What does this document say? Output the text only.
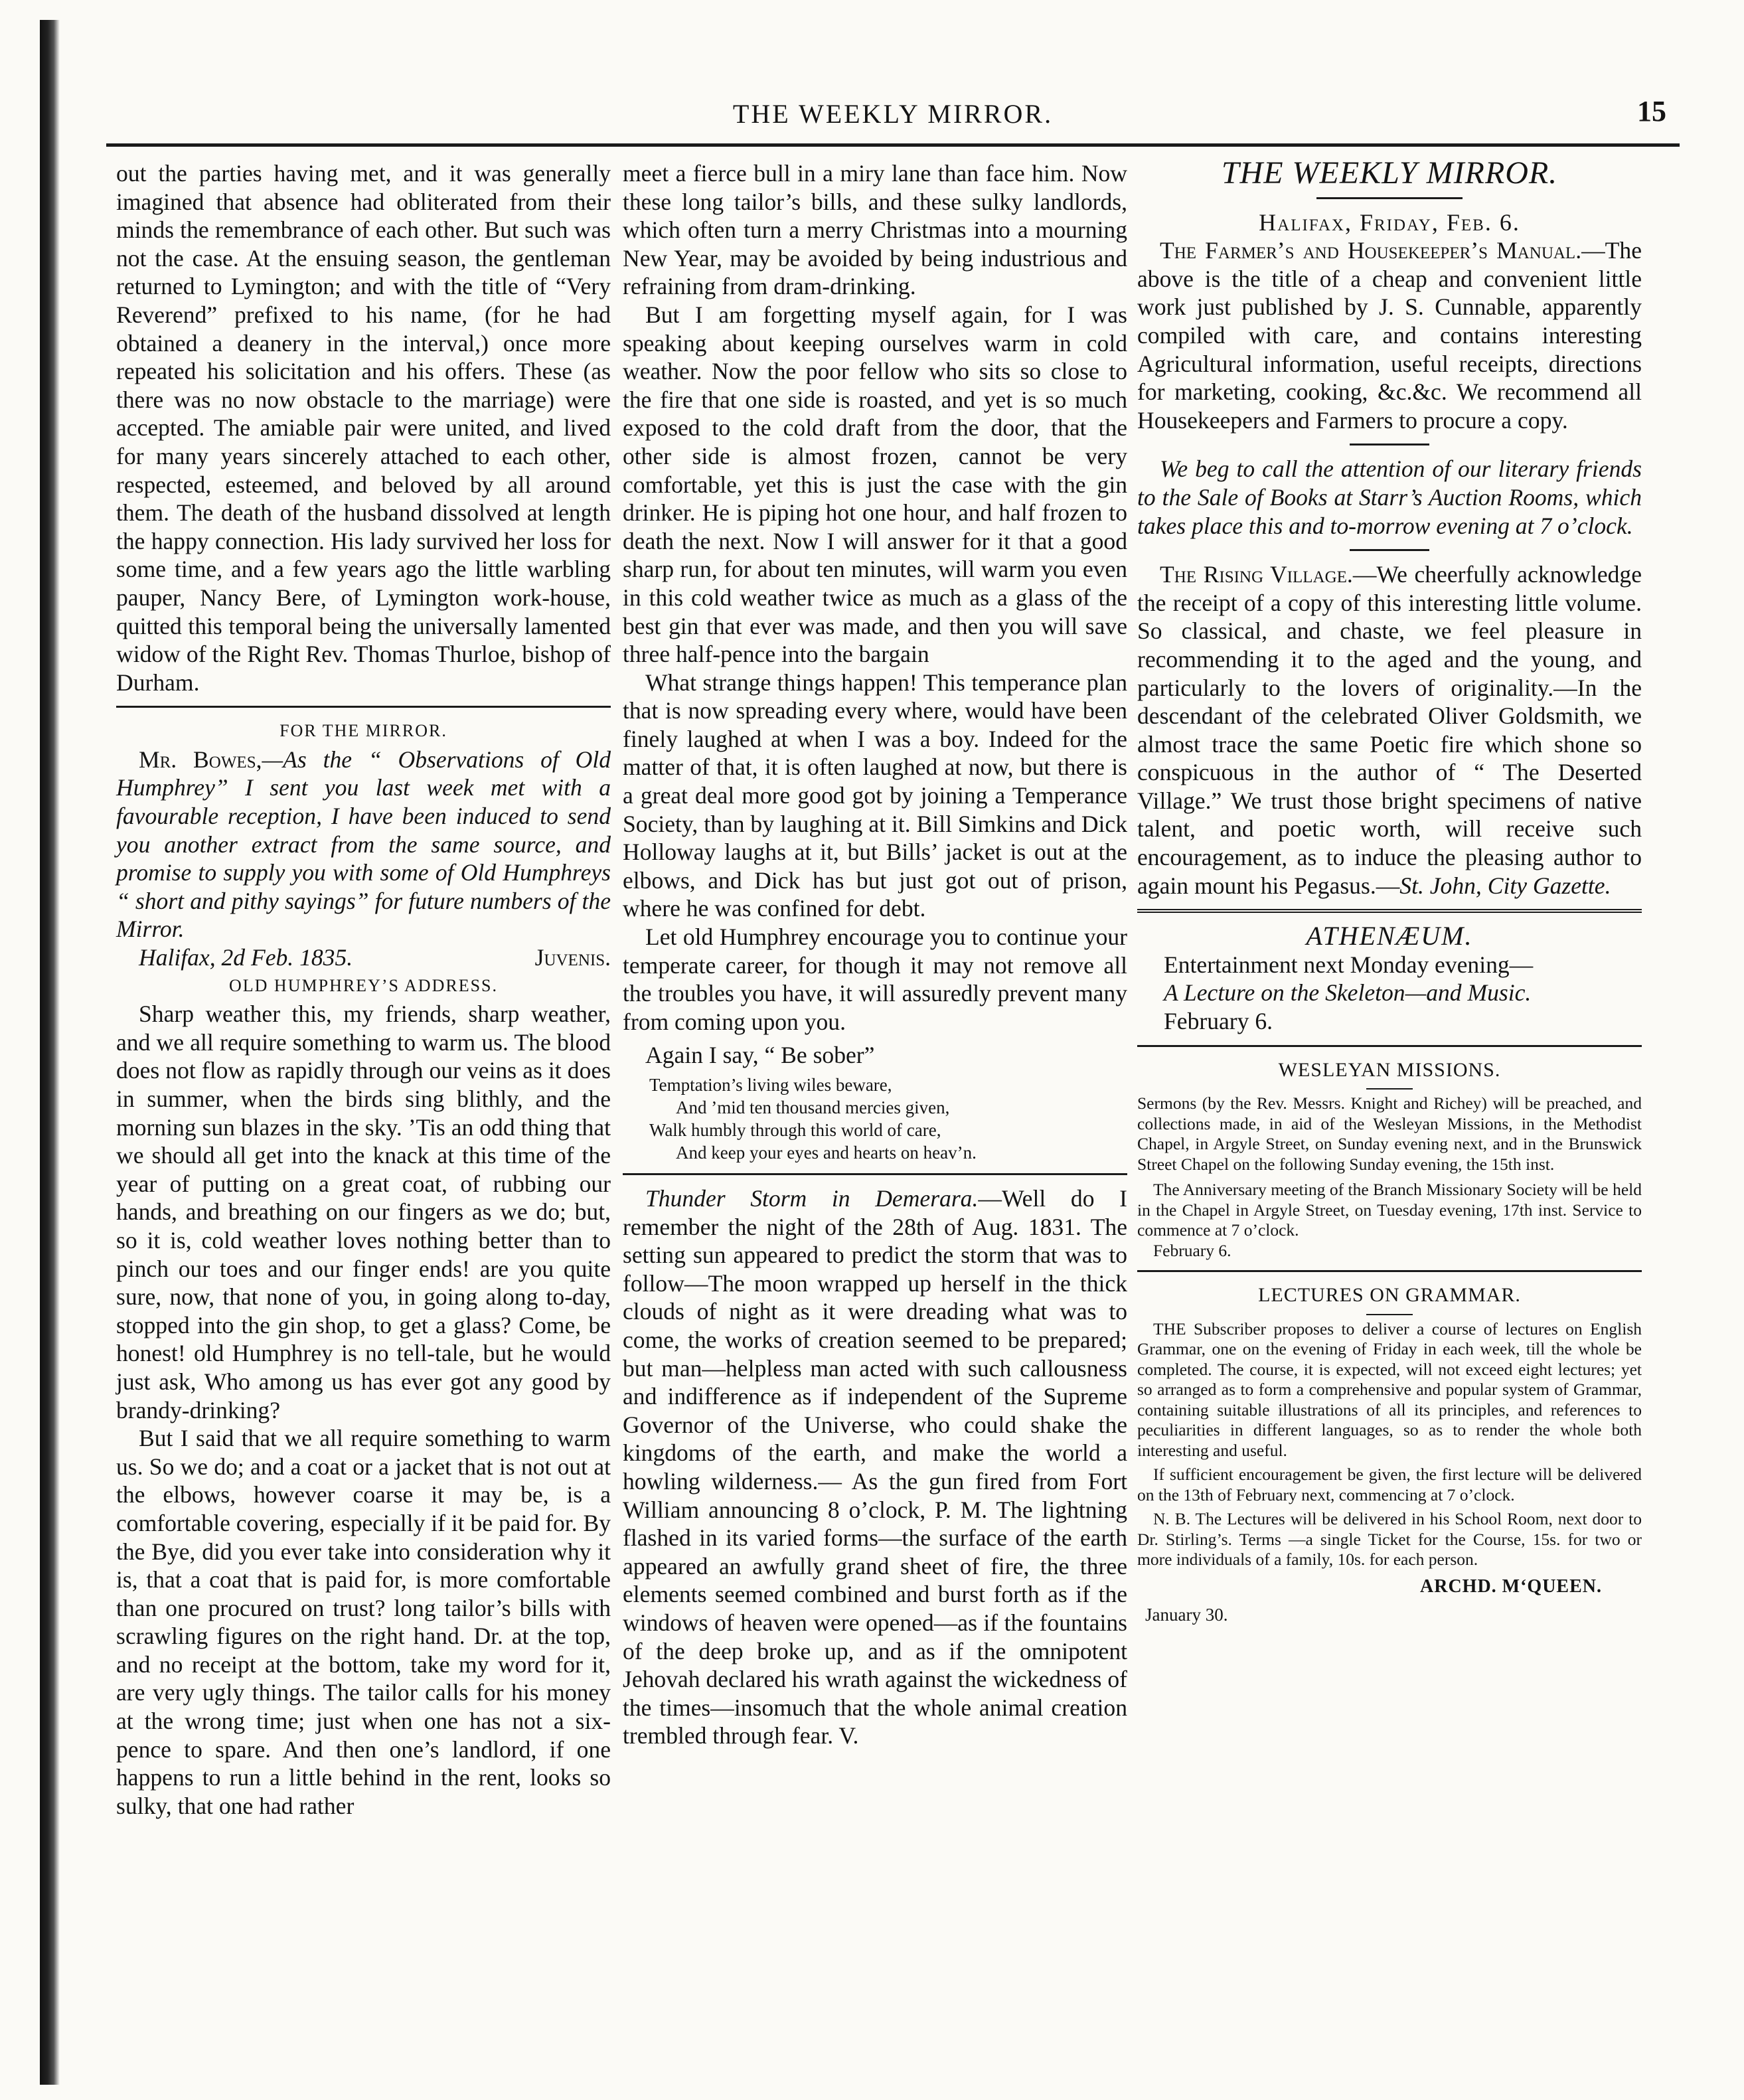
THE WEEKLY MIRROR.	15

out the parties having met, and it was generally imagined that absence had obliterated from their minds the remembrance of each other. But such was not the case. At the ensuing season, the gentleman returned to Lymington; and with the title of “Very Reverend” prefixed to his name, (for he had obtained a deanery in the interval,) once more repeated his solicitation and his offers. These (as there was no now obstacle to the marriage) were accepted. The amiable pair were united, and lived for many years sincerely attached to each other, respected, esteemed, and beloved by all around them. The death of the husband dissolved at length the happy connection. His lady survived her loss for some time, and a few years ago the little warbling pauper, Nancy Bere, of Lymington work-house, quitted this temporal being the universally lamented widow of the Right Rev. Thomas Thurloe, bishop of Durham.

FOR THE MIRROR.

Mr. Bowes,—As the “ Observations of Old Humphrey” I sent you last week met with a favourable reception, I have been induced to send you another extract from the same source, and promise to supply you with some of Old Humphreys “ short and pithy sayings” for future numbers of the Mirror.

Halifax, 2d Feb. 1835.	Juvenis.

OLD HUMPHREY’S ADDRESS.

Sharp weather this, my friends, sharp weather, and we all require something to warm us. The blood does not flow as rapidly through our veins as it does in summer, when the birds sing blithly, and the morning sun blazes in the sky. ’Tis an odd thing that we should all get into the knack at this time of the year of putting on a great coat, of rubbing our hands, and breathing on our fingers as we do; but, so it is, cold weather loves nothing better than to pinch our toes and our finger ends! are you quite sure, now, that none of you, in going along to-day, stopped into the gin shop, to get a glass? Come, be honest! old Humphrey is no tell-tale, but he would just ask, Who among us has ever got any good by brandy-drinking?

But I said that we all require something to warm us. So we do; and a coat or a jacket that is not out at the elbows, however coarse it may be, is a comfortable covering, especially if it be paid for. By the Bye, did you ever take into consideration why it is, that a coat that is paid for, is more comfortable than one procured on trust? long tailor’s bills with scrawling figures on the right hand. Dr. at the top, and no receipt at the bottom, take my word for it, are very ugly things. The tailor calls for his money at the wrong time; just when one has not a six-pence to spare. And then one’s landlord, if one happens to run a little behind in the rent, looks so sulky, that one had rather

meet a fierce bull in a miry lane than face him. Now these long tailor’s bills, and these sulky landlords, which often turn a merry Christmas into a mourning New Year, may be avoided by being industrious and refraining from dram-drinking.

But I am forgetting myself again, for I was speaking about keeping ourselves warm in cold weather. Now the poor fellow who sits so close to the fire that one side is roasted, and yet is so much exposed to the cold draft from the door, that the other side is almost frozen, cannot be very comfortable, yet this is just the case with the gin drinker. He is piping hot one hour, and half frozen to death the next. Now I will answer for it that a good sharp run, for about ten minutes, will warm you even in this cold weather twice as much as a glass of the best gin that ever was made, and then you will save three half-pence into the bargain

What strange things happen! This temperance plan that is now spreading every where, would have been finely laughed at when I was a boy. Indeed for the matter of that, it is often laughed at now, but there is a great deal more good got by joining a Temperance Society, than by laughing at it. Bill Simkins and Dick Holloway laughs at it, but Bills’ jacket is out at the elbows, and Dick has but just got out of prison, where he was confined for debt.

Let old Humphrey encourage you to continue your temperate career, for though it may not remove all the troubles you have, it will assuredly prevent many from coming upon you.

Again I say, “ Be sober”

Temptation’s living wiles beware,
And ’mid ten thousand mercies given,
Walk humbly through this world of care,
And keep your eyes and hearts on heav’n.

Thunder Storm in Demerara.—Well do I remember the night of the 28th of Aug. 1831. The setting sun appeared to predict the storm that was to follow—The moon wrapped up herself in the thick clouds of night as it were dreading what was to come, the works of creation seemed to be prepared; but man—helpless man acted with such callousness and indifference as if independent of the Supreme Governor of the Universe, who could shake the kingdoms of the earth, and make the world a howling wilderness.— As the gun fired from Fort William announcing 8 o’clock, P. M. The lightning flashed in its varied forms—the surface of the earth appeared an awfully grand sheet of fire, the three elements seemed combined and burst forth as if the windows of heaven were opened—as if the fountains of the deep broke up, and as if the omnipotent Jehovah declared his wrath against the wickedness of the times—insomuch that the whole animal creation trembled through fear. V.

THE WEEKLY MIRROR.
Halifax, Friday, Feb. 6.

The Farmer’s and Housekeeper’s Manual.—The above is the title of a cheap and convenient little work just published by J. S. Cunnable, apparently compiled with care, and contains interesting Agricultural information, useful receipts, directions for marketing, cooking, &c.&c. We recommend all Housekeepers and Farmers to procure a copy.

We beg to call the attention of our literary friends to the Sale of Books at Starr’s Auction Rooms, which takes place this and to-morrow evening at 7 o’clock.

The Rising Village.—We cheerfully acknowledge the receipt of a copy of this interesting little volume. So classical, and chaste, we feel pleasure in recommending it to the aged and the young, and particularly to the lovers of originality.—In the descendant of the celebrated Oliver Goldsmith, we almost trace the same Poetic fire which shone so conspicuous in the author of “ The Deserted Village.” We trust those bright specimens of native talent, and poetic worth, will receive such encouragement, as to induce the pleasing author to again mount his Pegasus.—St. John, City Gazette.

ATHENÆUM.
Entertainment next Monday evening—
A Lecture on the Skeleton—and Music.
February 6.
WESLEYAN MISSIONS.

Sermons (by the Rev. Messrs. Knight and Richey) will be preached, and collections made, in aid of the Wesleyan Missions, in the Methodist Chapel, in Argyle Street, on Sunday evening next, and in the Brunswick Street Chapel on the following Sunday evening, the 15th inst.

The Anniversary meeting of the Branch Missionary Society will be held in the Chapel in Argyle Street, on Tuesday evening, 17th inst. Service to commence at 7 o’clock.

February 6.

LECTURES ON GRAMMAR.

THE Subscriber proposes to deliver a course of lectures on English Grammar, one on the evening of Friday in each week, till the whole be completed. The course, it is expected, will not exceed eight lectures; yet so arranged as to form a comprehensive and popular system of Grammar, containing suitable illustrations of all its principles, and references to peculiarities in different languages, so as to render the whole both interesting and useful.

If sufficient encouragement be given, the first lecture will be delivered on the 13th of February next, commencing at 7 o’clock.

N. B. The Lectures will be delivered in his School Room, next door to Dr. Stirling’s. Terms —a single Ticket for the Course, 15s. for two or more individuals of a family, 10s. for each person.

ARCHD. M‘QUEEN.
January 30.
